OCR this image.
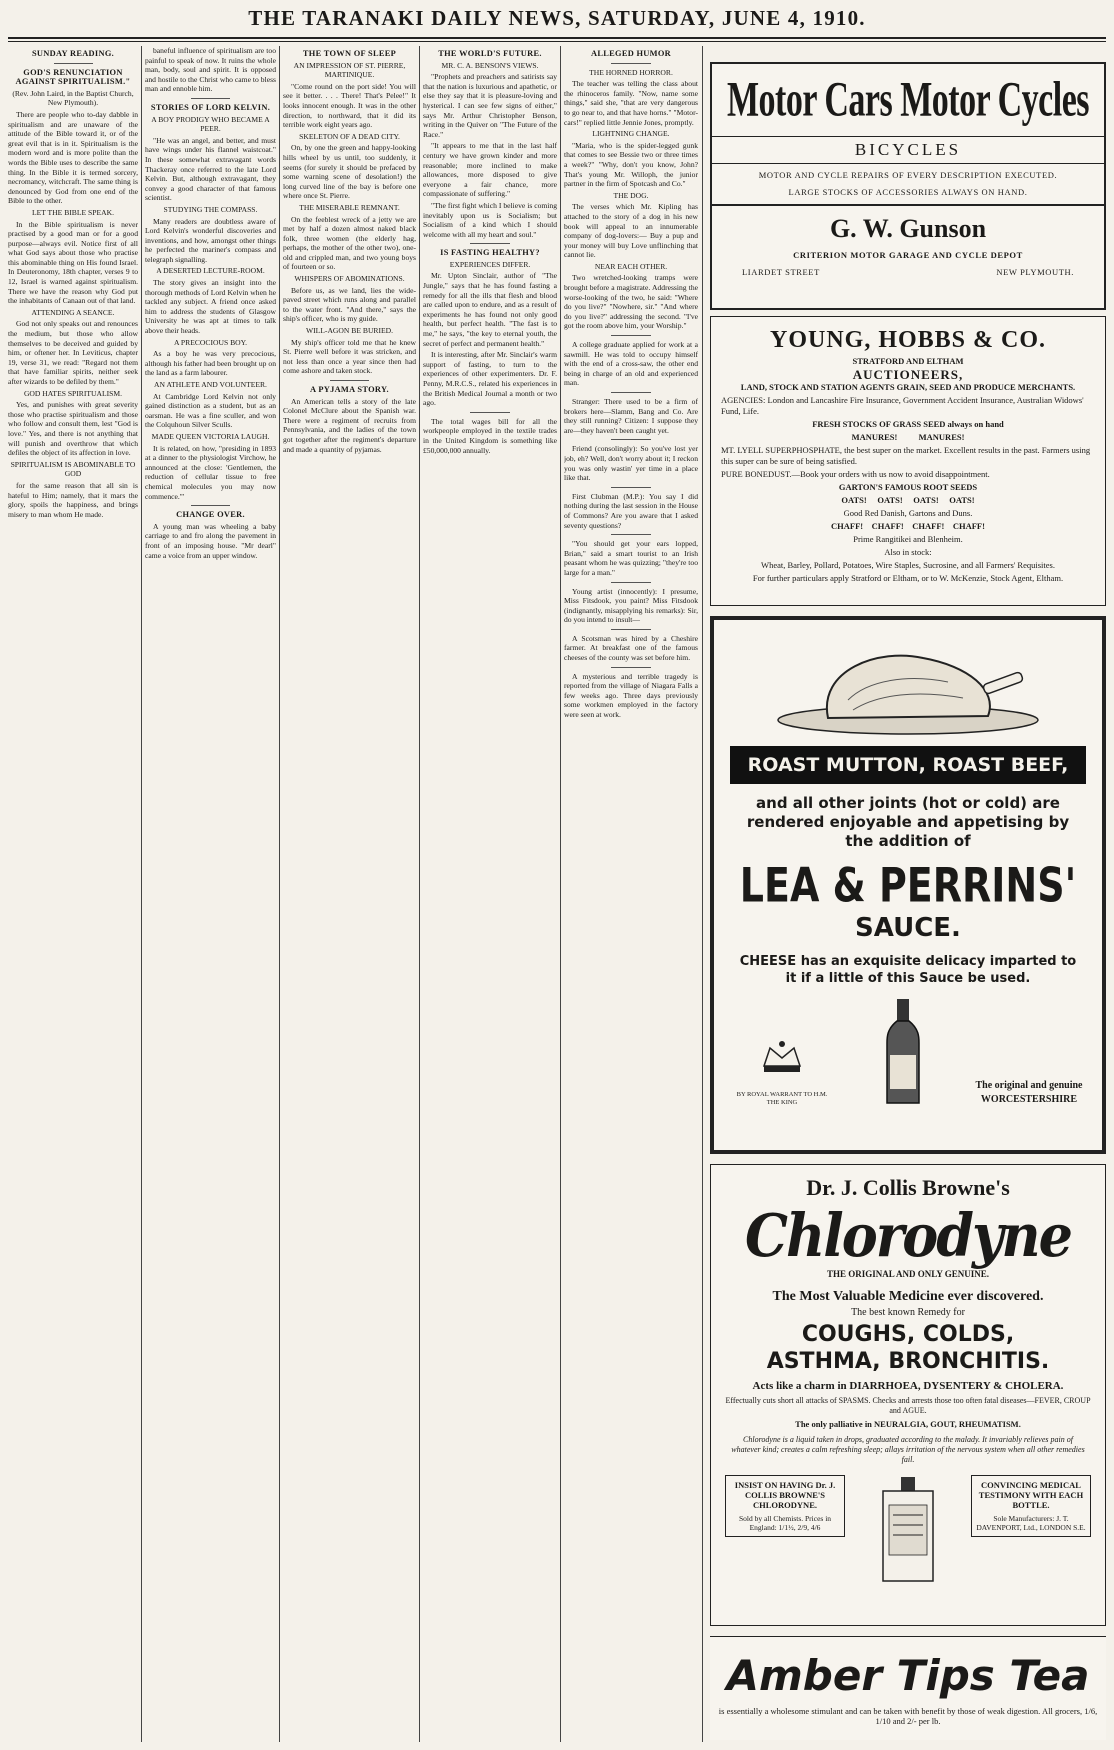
THE TARANAKI DAILY NEWS, SATURDAY, JUNE 4, 1910.
SUNDAY READING.
GOD'S RENUNCIATION AGAINST SPIRITUALISM."

(Rev. John Laird, in the Baptist Church, New Plymouth).

There are people who to-day dabble in spiritualism and are unaware of the attitude of the Bible toward it, or of the great evil that is in it. Spiritualism is the modern word and is more polite than the words the Bible uses to describe the same thing. In the Bible it is termed sorcery, necromancy, witchcraft. The same thing is denounced by God from one end of the Bible to the other.

LET THE BIBLE SPEAK.

In the Bible spiritualism is never practised by a good man or for a good purpose—always evil. Notice first of all what God says about those who practise this abominable thing on His found Israel. In Deuteronomy, 18th chapter, verses 9 to 12, Israel is warned against spiritualism. There we have the reason why God put the inhabitants of Canaan out of that land.

ATTENDING A SEANCE.

God not only speaks out and renounces the medium, but those who allow themselves to be deceived and guided by him, or oftener her. In Leviticus, chapter 19, verse 31, we read: "Regard not them that have familiar spirits, neither seek after wizards to be defiled by them."

GOD HATES SPIRITUALISM.

Yes, and punishes with great severity those who practise spiritualism and those who follow and consult them, lest "God is love." Yes, and there is not anything that will punish and overthrow that which defiles the object of its affection in love.

SPIRITUALISM IS ABOMINABLE TO GOD

for the same reason that all sin is hateful to Him; namely, that it mars the glory, spoils the happiness, and brings misery to man whom He made.

baneful influence of spiritualism are too painful to speak of now. It ruins the whole man, body, soul and spirit. It is opposed and hostile to the Christ who came to bless man and ennoble him.

STORIES OF LORD KELVIN.
A BOY PRODIGY WHO BECAME A PEER.

"He was an angel, and better, and must have wings under his flannel waistcoat." In these somewhat extravagant words Thackeray once referred to the late Lord Kelvin. But, although extravagant, they convey a good character of that famous scientist.

STUDYING THE COMPASS.

Many readers are doubtless aware of Lord Kelvin's wonderful discoveries and inventions, and how, amongst other things he perfected the mariner's compass and telegraph signalling.

A DESERTED LECTURE-ROOM.

The story gives an insight into the thorough methods of Lord Kelvin when he tackled any subject. A friend once asked him to address the students of Glasgow University he was apt at times to talk above their heads.

A PRECOCIOUS BOY.

As a boy he was very precocious, although his father had been brought up on the land as a farm labourer.

AN ATHLETE AND VOLUNTEER.

At Cambridge Lord Kelvin not only gained distinction as a student, but as an oarsman. He was a fine sculler, and won the Colquhoun Silver Sculls.

MADE QUEEN VICTORIA LAUGH.

It is related, on how, "presiding in 1893 at a dinner to the physiologist Virchow, he announced at the close: 'Gentlemen, the reduction of cellular tissue to free chemical molecules you may now commence.'"

CHANGE OVER.

A young man was wheeling a baby carriage to and fro along the pavement in front of an imposing house. "Mr dearl" came a voice from an upper window.

THE TOWN OF SLEEP
AN IMPRESSION OF ST. PIERRE, MARTINIQUE.

"Come round on the port side! You will see it better. . . . There! That's Pelee!" It looks innocent enough. It was in the other direction, to northward, that it did its terrible work eight years ago.

SKELETON OF A DEAD CITY.

On, by one the green and happy-looking hills wheel by us until, too suddenly, it seems (for surely it should be prefaced by some warning scene of desolation!) the long curved line of the bay is before one where once St. Pierre.

THE MISERABLE REMNANT.

On the feeblest wreck of a jetty we are met by half a dozen almost naked black folk, three women (the elderly hag, perhaps, the mother of the other two), one-old and crippled man, and two young boys of fourteen or so.

WHISPERS OF ABOMINATIONS.

Before us, as we land, lies the wide-paved street which runs along and parallel to the water front. "And there," says the ship's officer, who is my guide.

WILL-AGON BE BURIED.

My ship's officer told me that he knew St. Pierre well before it was stricken, and not less than once a year since then had come ashore and taken stock.

A PYJAMA STORY.

An American tells a story of the late Colonel McClure about the Spanish war. There were a regiment of recruits from Pennsylvania, and the ladies of the town got together after the regiment's departure and made a quantity of pyjamas.

THE WORLD'S FUTURE.
MR. C. A. BENSON'S VIEWS.

"Prophets and preachers and satirists say that the nation is luxurious and apathetic, or else they say that it is pleasure-loving and hysterical. I can see few signs of either," says Mr. Arthur Christopher Benson, writing in the Quiver on "The Future of the Race."

"It appears to me that in the last half century we have grown kinder and more reasonable; more inclined to make allowances, more disposed to give everyone a fair chance, more compassionate of suffering."

"The first fight which I believe is coming inevitably upon us is Socialism; but Socialism of a kind which I should welcome with all my heart and soul."

IS FASTING HEALTHY?
EXPERIENCES DIFFER.

Mr. Upton Sinclair, author of "The Jungle," says that he has found fasting a remedy for all the ills that flesh and blood are called upon to endure, and as a result of experiments he has found not only good health, but perfect health. "The fast is to me," he says, "the key to eternal youth, the secret of perfect and permanent health."

It is interesting, after Mr. Sinclair's warm support of fasting, to turn to the experiences of other experimenters. Dr. F. Penny, M.R.C.S., related his experiences in the British Medical Journal a month or two ago.

The total wages bill for all the workpeople employed in the textile trades in the United Kingdom is something like £50,000,000 annually.

ALLEGED HUMOR
THE HORNED HORROR.

The teacher was telling the class about the rhinoceros family. "Now, name some things," said she, "that are very dangerous to go near to, and that have horns." "Motor-cars!" replied little Jennie Jones, promptly.

LIGHTNING CHANGE.

"Maria, who is the spider-legged gunk that comes to see Bessie two or three times a week?" "Why, don't you know, John? That's young Mr. Willoph, the junior partner in the firm of Spotcash and Co."

THE DOG.

The verses which Mr. Kipling has attached to the story of a dog in his new book will appeal to an innumerable company of dog-lovers:— Buy a pup and your money will buy Love unflinching that cannot lie.

NEAR EACH OTHER.

Two wretched-looking tramps were brought before a magistrate. Addressing the worse-looking of the two, he said: "Where do you live?" "Nowhere, sir." "And where do you live?" addressing the second. "I've got the room above him, your Worship."

A college graduate applied for work at a sawmill. He was told to occupy himself with the end of a cross-saw, the other end being in charge of an old and experienced man.

Stranger: There used to be a firm of brokers here—Slamm, Bang and Co. Are they still running? Citizen: I suppose they are—they haven't been caught yet.

Friend (consolingly): So you've lost yer job, eh? Well, don't worry about it; I reckon you was only wastin' yer time in a place like that.

First Clubman (M.P.): You say I did nothing during the last session in the House of Commons? Are you aware that I asked seventy questions?

"You should get your ears lopped, Brian," said a smart tourist to an Irish peasant whom he was quizzing; "they're too large for a man."

Young artist (innocently): I presume, Miss Fitsdook, you paint? Miss Fitsdook (indignantly, misapplying his remarks): Sir, do you intend to insult—

A Scotsman was hired by a Cheshire farmer. At breakfast one of the famous cheeses of the county was set before him.

A mysterious and terrible tragedy is reported from the village of Niagara Falls a few weeks ago. Three days previously some workmen employed in the factory were seen at work.

Motor Cars Motor Cycles
BICYCLES
MOTOR AND CYCLE REPAIRS OF EVERY DESCRIPTION EXECUTED.
LARGE STOCKS OF ACCESSORIES ALWAYS ON HAND.
G. W. Gunson
CRITERION MOTOR GARAGE AND CYCLE DEPOT
LIARDET STREET	NEW PLYMOUTH.
YOUNG, HOBBS & CO.
STRATFORD AND ELTHAM
AUCTIONEERS,
LAND, STOCK AND STATION AGENTS GRAIN, SEED AND PRODUCE MERCHANTS.
AGENCIES: London and Lancashire Fire Insurance, Government Accident Insurance, Australian Widows' Fund, Life.
FRESH STOCKS OF GRASS SEED always on hand
MANURES!          MANURES!
MT. LYELL SUPERPHOSPHATE, the best super on the market. Excellent results in the past. Farmers using this super can be sure of being satisfied.
PURE BONEDUST.—Book your orders with us now to avoid disappointment.
GARTON'S FAMOUS ROOT SEEDS
OATS!     OATS!     OATS!     OATS!
Good Red Danish, Gartons and Duns.
CHAFF!    CHAFF!    CHAFF!    CHAFF!
Prime Rangitikei and Blenheim.
Also in stock:
Wheat, Barley, Pollard, Potatoes, Wire Staples, Sucrosine, and all Farmers' Requisites.
For further particulars apply Stratford or Eltham, or to W. McKenzie, Stock Agent, Eltham.
ROAST MUTTON, ROAST BEEF,
and all other joints (hot or cold) are rendered enjoyable and appetising by the addition of
LEA & PERRINS'
SAUCE.
CHEESE has an exquisite delicacy imparted to it if a little of this Sauce be used.
BY ROYAL WARRANT TO H.M. THE KING
The original and genuine WORCESTERSHIRE
Dr. J. Collis Browne's
Chlorodyne
THE ORIGINAL AND ONLY GENUINE.
The Most Valuable Medicine ever discovered.
The best known Remedy for
COUGHS, COLDS,
ASTHMA, BRONCHITIS.
Acts like a charm in DIARRHOEA, DYSENTERY & CHOLERA.
Effectually cuts short all attacks of SPASMS. Checks and arrests those too often fatal diseases—FEVER, CROUP and AGUE.
The only palliative in NEURALGIA, GOUT, RHEUMATISM.
Chlorodyne is a liquid taken in drops, graduated according to the malady. It invariably relieves pain of whatever kind; creates a calm refreshing sleep; allays irritation of the nervous system when all other remedies fail.
INSIST ON HAVING Dr. J. COLLIS BROWNE'S CHLORODYNE.
Sold by all Chemists. Prices in England: 1/1½, 2/9, 4/6
CONVINCING MEDICAL TESTIMONY WITH EACH BOTTLE.
Sole Manufacturers: J. T. DAVENPORT, Ltd., LONDON S.E.
Amber Tips Tea
is essentially a wholesome stimulant and can be taken with benefit by those of weak digestion. All grocers, 1/6, 1/10 and 2/- per lb.
